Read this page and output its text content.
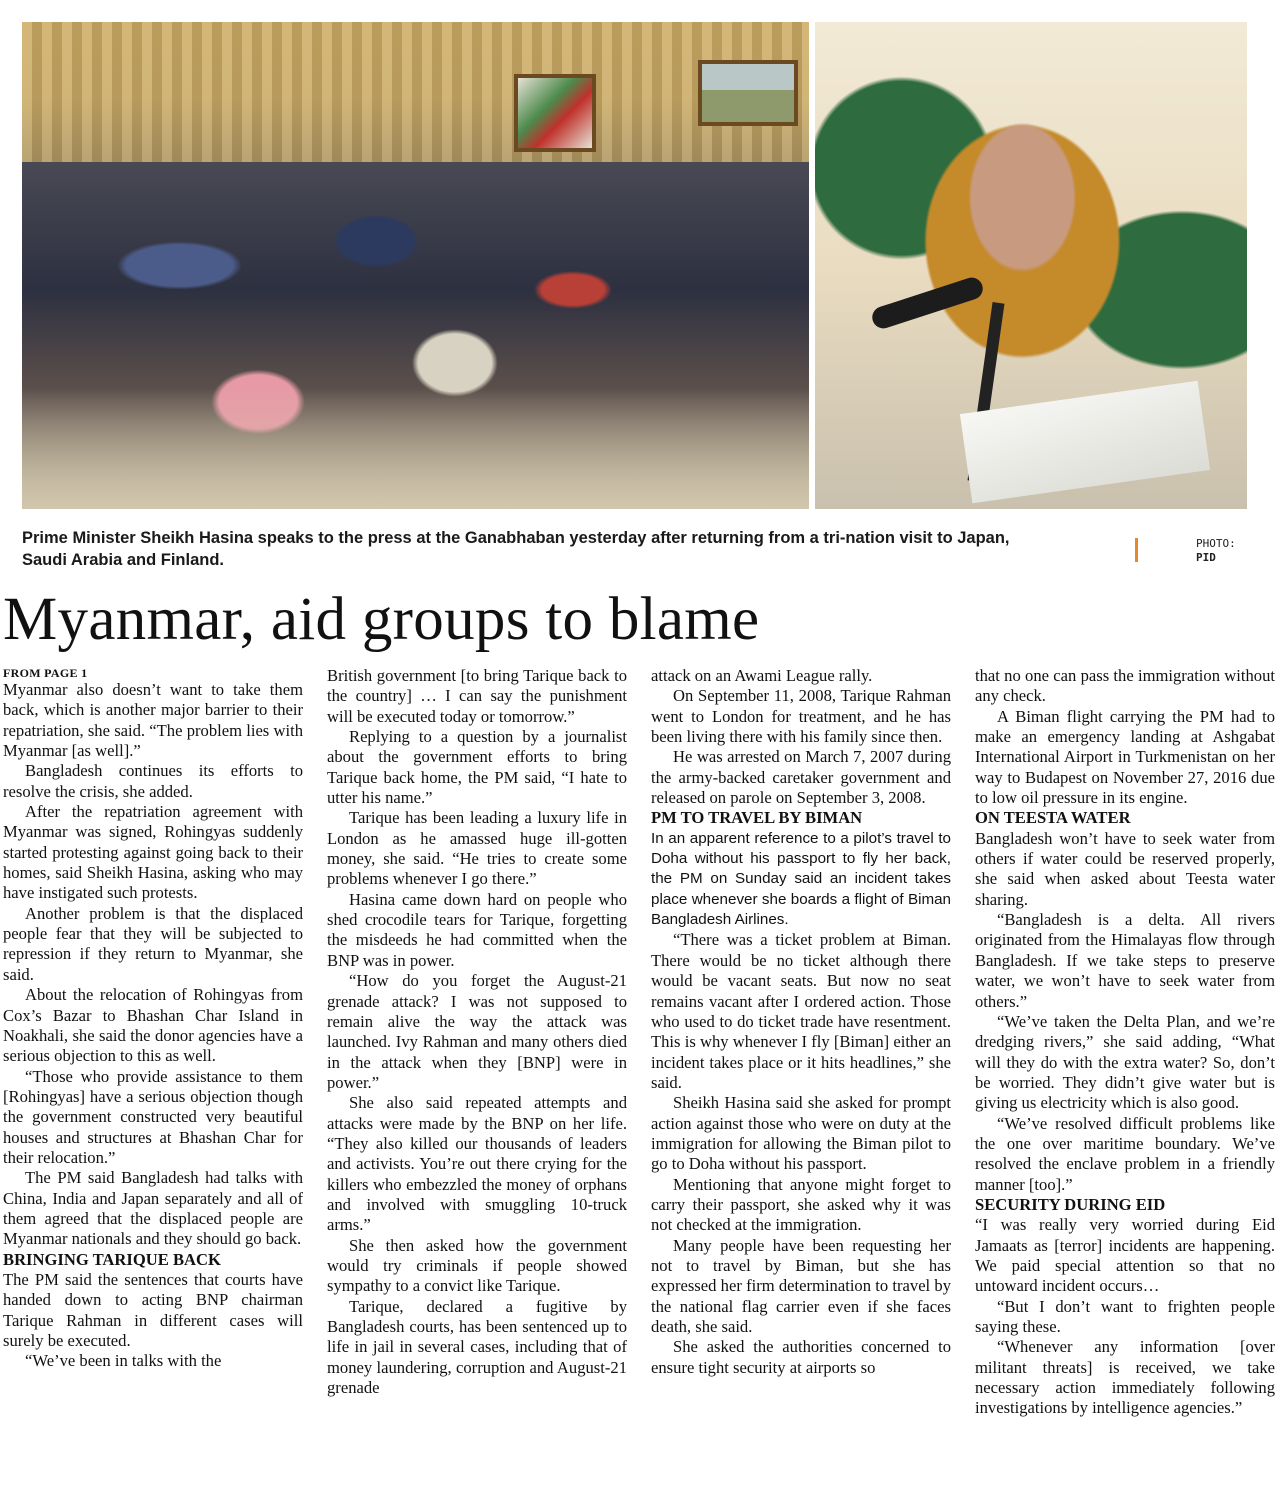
Prime Minister Sheikh Hasina speaks to the press at the Ganabhaban yesterday after returning from a tri-nation visit to Japan, Saudi Arabia and Finland.

PHOTO:
PID
Myanmar, aid groups to blame

FROM PAGE 1

Myanmar also doesn’t want to take them back, which is another major barrier to their repatriation, she said. “The problem lies with Myanmar [as well].”

Bangladesh continues its efforts to resolve the crisis, she added.

After the repatriation agreement with Myanmar was signed, Rohingyas suddenly started protesting against going back to their homes, said Sheikh Hasina, asking who may have instigated such protests.

Another problem is that the displaced people fear that they will be subjected to repression if they return to Myanmar, she said.

About the relocation of Rohingyas from Cox’s Bazar to Bhashan Char Island in Noakhali, she said the donor agencies have a serious objection to this as well.

“Those who provide assistance to them [Rohingyas] have a serious objection though the government constructed very beautiful houses and structures at Bhashan Char for their relocation.”

The PM said Bangladesh had talks with China, India and Japan separately and all of them agreed that the displaced people are Myanmar nationals and they should go back.

BRINGING TARIQUE BACK

The PM said the sentences that courts have handed down to acting BNP chairman Tarique Rahman in different cases will surely be executed.

“We’ve been in talks with the

British government [to bring Tarique back to the country] … I can say the punishment will be executed today or tomorrow.”

Replying to a question by a journalist about the government efforts to bring Tarique back home, the PM said, “I hate to utter his name.”

Tarique has been leading a luxury life in London as he amassed huge ill-gotten money, she said. “He tries to create some problems whenever I go there.”

Hasina came down hard on people who shed crocodile tears for Tarique, forgetting the misdeeds he had committed when the BNP was in power.

“How do you forget the August-21 grenade attack? I was not supposed to remain alive the way the attack was launched. Ivy Rahman and many others died in the attack when they [BNP] were in power.”

She also said repeated attempts and attacks were made by the BNP on her life. “They also killed our thousands of leaders and activists. You’re out there crying for the killers who embezzled the money of orphans and involved with smuggling 10-truck arms.”

She then asked how the government would try criminals if people showed sympathy to a convict like Tarique.

Tarique, declared a fugitive by Bangladesh courts, has been sentenced up to life in jail in several cases, including that of money laundering, corruption and August-21 grenade

attack on an Awami League rally.

On September 11, 2008, Tarique Rahman went to London for treatment, and he has been living there with his family since then.

He was arrested on March 7, 2007 during the army-backed caretaker government and released on parole on September 3, 2008.

PM TO TRAVEL BY BIMAN

In an apparent reference to a pilot’s travel to Doha without his passport to fly her back, the PM on Sunday said an incident takes place whenever she boards a flight of Biman Bangladesh Airlines.

“There was a ticket problem at Biman. There would be no ticket although there would be vacant seats. But now no seat remains vacant after I ordered action. Those who used to do ticket trade have resentment. This is why whenever I fly [Biman] either an incident takes place or it hits headlines,” she said.

Sheikh Hasina said she asked for prompt action against those who were on duty at the immigration for allowing the Biman pilot to go to Doha without his passport.

Mentioning that anyone might forget to carry their passport, she asked why it was not checked at the immigration.

Many people have been requesting her not to travel by Biman, but she has expressed her firm determination to travel by the national flag carrier even if she faces death, she said.

She asked the authorities concerned to ensure tight security at airports so

that no one can pass the immigration without any check.

A Biman flight carrying the PM had to make an emergency landing at Ashgabat International Airport in Turkmenistan on her way to Budapest on November 27, 2016 due to low oil pressure in its engine.

ON TEESTA WATER

Bangladesh won’t have to seek water from others if water could be reserved properly, she said when asked about Teesta water sharing.

“Bangladesh is a delta. All rivers originated from the Himalayas flow through Bangladesh. If we take steps to preserve water, we won’t have to seek water from others.”

“We’ve taken the Delta Plan, and we’re dredging rivers,” she said adding, “What will they do with the extra water? So, don’t be worried. They didn’t give water but is giving us electricity which is also good.

“We’ve resolved difficult problems like the one over maritime boundary. We’ve resolved the enclave problem in a friendly manner [too].”

SECURITY DURING EID

“I was really very worried during Eid Jamaats as [terror] incidents are happening. We paid special attention so that no untoward incident occurs…

“But I don’t want to frighten people saying these.

“Whenever any information [over militant threats] is received, we take necessary action immediately following investigations by intelligence agencies.”
